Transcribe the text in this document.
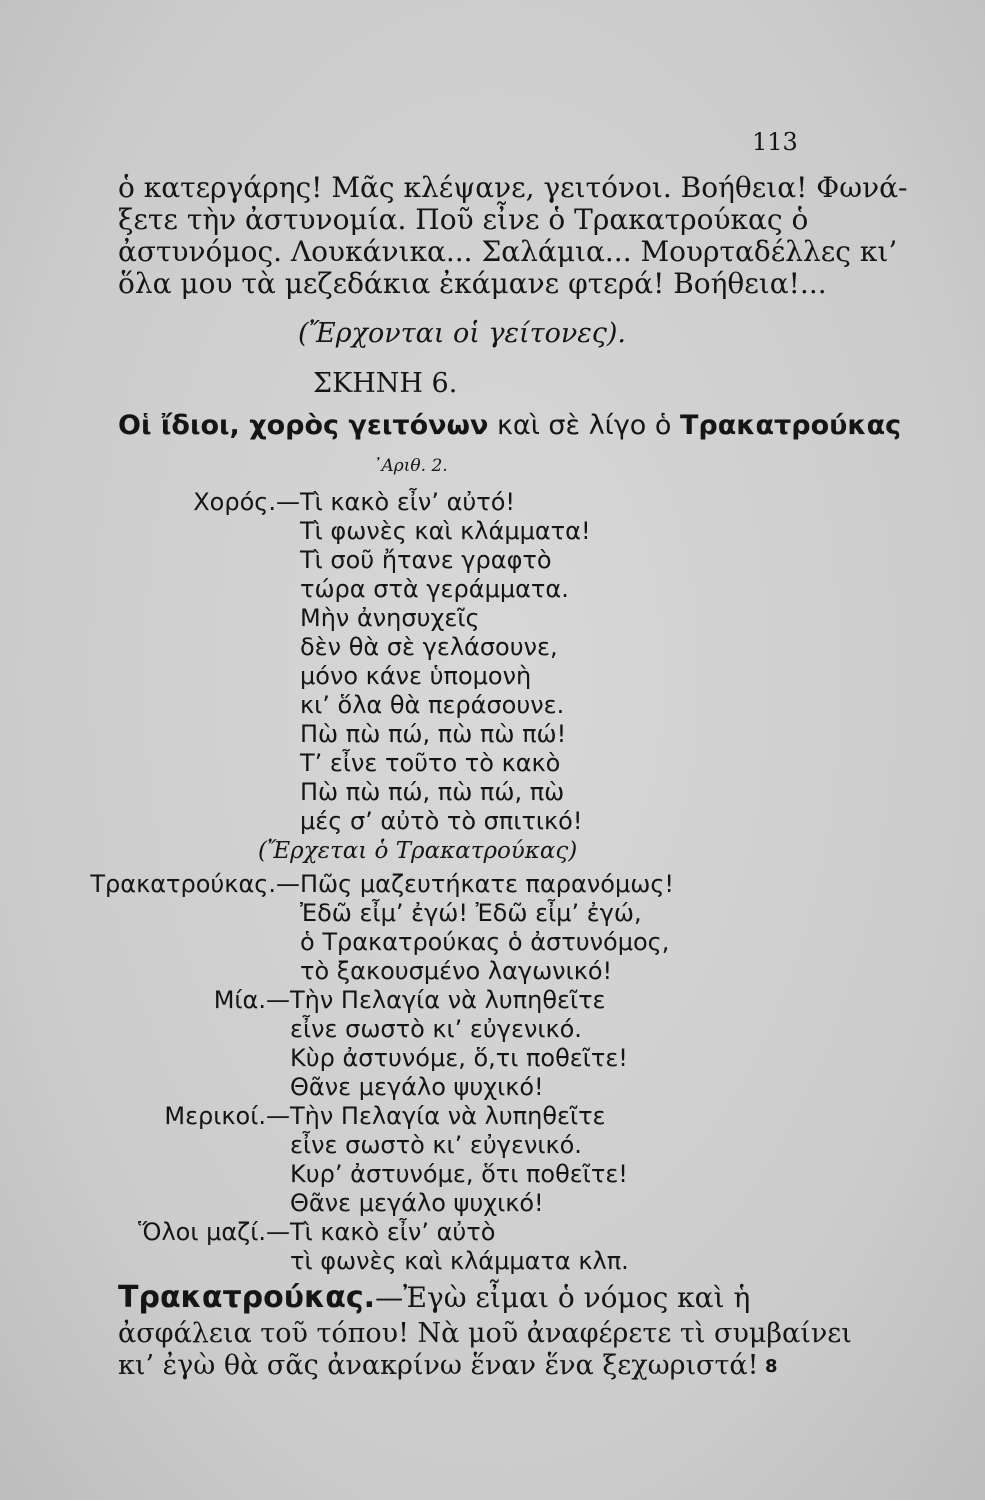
113
ὁ κατεργάρης! Μᾶς κλέψανε, γειτόνοι. Βοήθεια! Φωνά-
ξετε τὴν ἀστυνομία. Ποῦ εἶνε ὁ Τρακατρούκας ὁ
ἀστυνόμος. Λουκάνικα... Σαλάμια... Μουρταδέλλες κι’
ὅλα μου τὰ μεζεδάκια ἐκάμανε φτερά! Βοήθεια!...
(Ἔρχονται οἱ γείτονες).
ΣΚΗΝΗ 6.
Οἱ ἴδιοι, χορὸς γειτόνων καὶ σὲ λίγο ὁ Τρακατρούκας
᾿Αριθ. 2.
Χορός.— Τὶ κακὸ εἶν’ αὐτό!
Τὶ φωνὲς καὶ κλάμματα!
Τὶ σοῦ ἤτανε γραφτὸ
τώρα στὰ γεράμματα.
Μὴν ἀνησυχεῖς
δὲν θὰ σὲ γελάσουνε,
μόνο κάνε ὑπομονὴ
κι’ ὅλα θὰ περάσουνε.
Πὼ πὼ πώ, πὼ πὼ πώ!
Τ’ εἶνε τοῦτο τὸ κακὸ
Πὼ πὼ πώ, πὼ πώ, πὼ
μές σ’ αὐτὸ τὸ σπιτικό!
(Ἔρχεται ὁ Τρακατρούκας)
Τρακατρούκας.— Πῶς μαζευτήκατε παρανόμως!
Ἐδῶ εἶμ’ ἐγώ! Ἐδῶ εἶμ’ ἐγώ,
ὁ Τρακατρούκας ὁ ἀστυνόμος,
τὸ ξακουσμένο λαγωνικό!
Μία.— Τὴν Πελαγία νὰ λυπηθεῖτε
εἶνε σωστὸ κι’ εὐγενικό.
Κὺρ ἀστυνόμε, ὅ,τι ποθεῖτε!
Θᾶνε μεγάλο ψυχικό!
Μερικοί.— Τὴν Πελαγία νὰ λυπηθεῖτε
εἶνε σωστὸ κι’ εὐγενικό.
Κυρ’ ἀστυνόμε, ὅτι ποθεῖτε!
Θᾶνε μεγάλο ψυχικό!
Ὅλοι μαζί.— Τὶ κακὸ εἶν’ αὐτὸ
τὶ φωνὲς καὶ κλάμματα κλπ.
Τρακατρούκας.—Ἐγὼ εἶμαι ὁ νόμος καὶ ἡ
ἀσφάλεια τοῦ τόπου! Νὰ μοῦ ἀναφέρετε τὶ συμβαίνει
κι’ ἐγὼ θὰ σᾶς ἀνακρίνω ἕναν ἕνα ξεχωριστά! 8
